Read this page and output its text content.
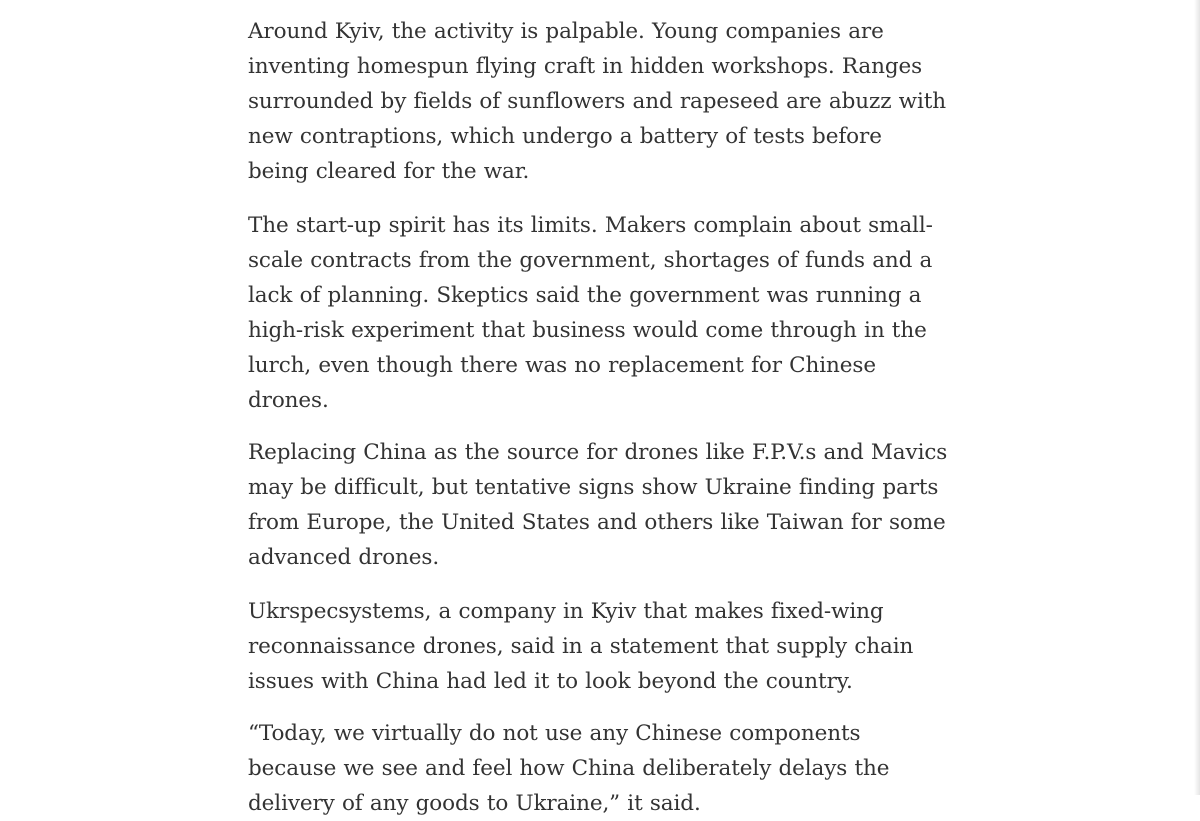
Around Kyiv, the activity is palpable. Young companies are inventing homespun flying craft in hidden workshops. Ranges surrounded by fields of sunflowers and rapeseed are abuzz with new contraptions, which undergo a battery of tests before being cleared for the war.

The start-up spirit has its limits. Makers complain about small-scale contracts from the government, shortages of funds and a lack of planning. Skeptics said the government was running a high-risk experiment that business would come through in the lurch, even though there was no replacement for Chinese drones.

Replacing China as the source for drones like F.P.V.s and Mavics may be difficult, but tentative signs show Ukraine finding parts from Europe, the United States and others like Taiwan for some advanced drones.

Ukrspecsystems, a company in Kyiv that makes fixed-wing reconnaissance drones, said in a statement that supply chain issues with China had led it to look beyond the country.

“Today, we virtually do not use any Chinese components because we see and feel how China deliberately delays the delivery of any goods to Ukraine,” it said.
